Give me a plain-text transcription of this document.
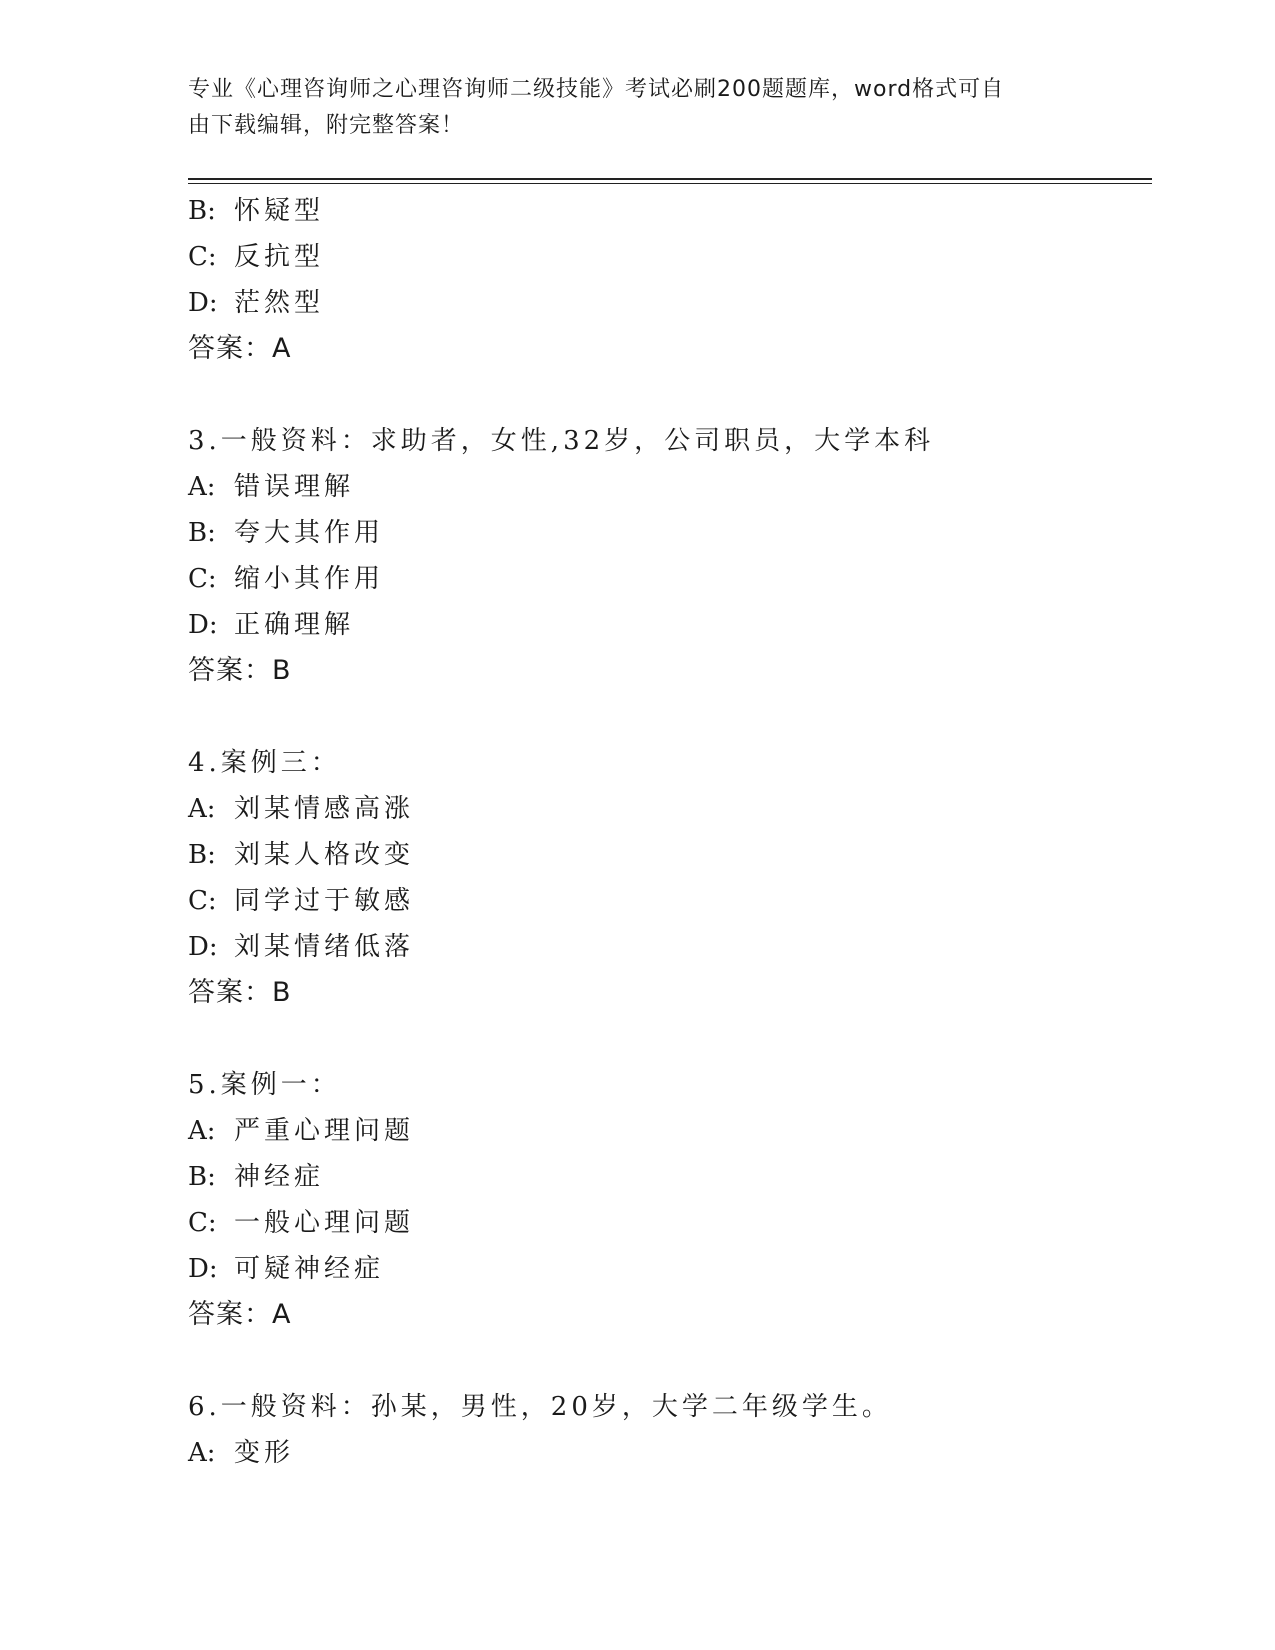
专业《心理咨询师之心理咨询师二级技能》考试必刷200题题库，word格式可自
由下载编辑，附完整答案！
B: 怀疑型
C: 反抗型
D: 茫然型
答案：A
3.一般资料：求助者，女性,32岁，公司职员，大学本科
A: 错误理解
B: 夸大其作用
C: 缩小其作用
D: 正确理解
答案：B
4.案例三：
A: 刘某情感高涨
B: 刘某人格改变
C: 同学过于敏感
D: 刘某情绪低落
答案：B
5.案例一：
A: 严重心理问题
B: 神经症
C: 一般心理问题
D: 可疑神经症
答案：A
6.一般资料：孙某，男性，20岁，大学二年级学生。
A: 变形
